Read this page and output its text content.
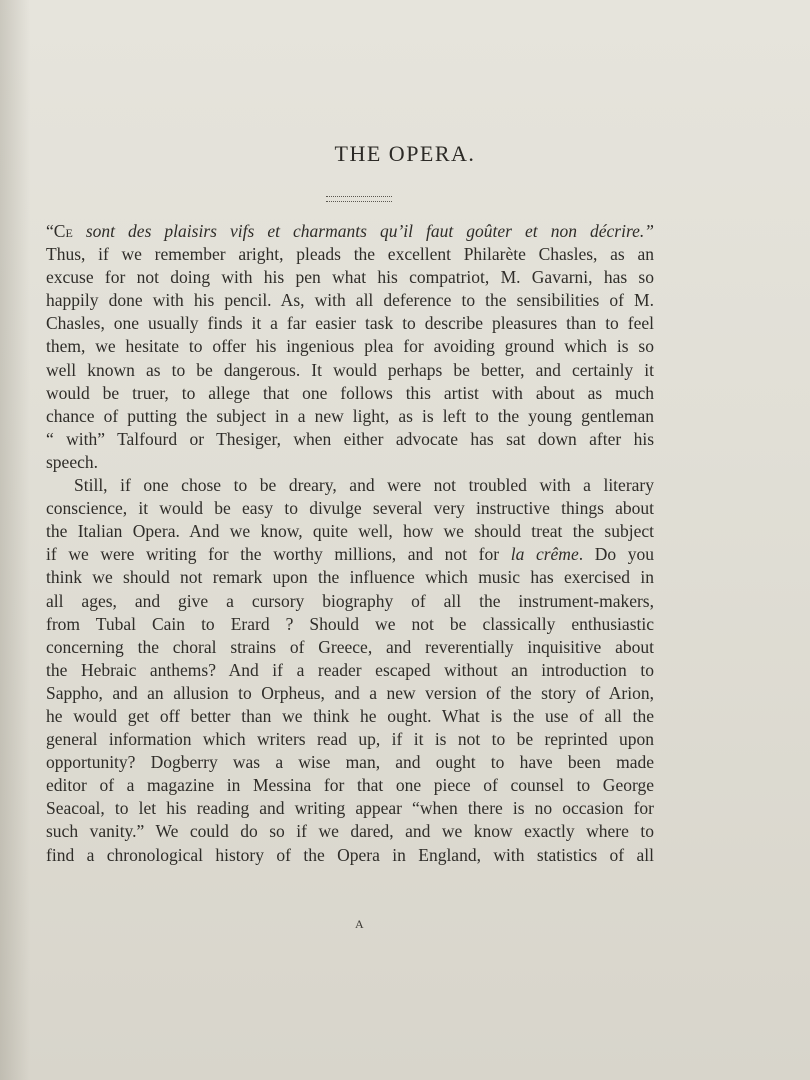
THE OPERA.
“Ce sont des plaisirs vifs et charmants qu’il faut goûter et non décrire.”
Thus, if we remember aright, pleads the excellent Philarète Chasles, as an
excuse for not doing with his pen what his compatriot, M. Gavarni, has so
happily done with his pencil. As, with all deference to the sensibilities of M.
Chasles, one usually finds it a far easier task to describe pleasures than to feel
them, we hesitate to offer his ingenious plea for avoiding ground which is so
well known as to be dangerous. It would perhaps be better, and certainly it
would be truer, to allege that one follows this artist with about as much
chance of putting the subject in a new light, as is left to the young gentleman
“ with” Talfourd or Thesiger, when either advocate has sat down after his
speech.
Still, if one chose to be dreary, and were not troubled with a literary
conscience, it would be easy to divulge several very instructive things about
the Italian Opera. And we know, quite well, how we should treat the subject
if we were writing for the worthy millions, and not for la crême. Do you
think we should not remark upon the influence which music has exercised in
all ages, and give a cursory biography of all the instrument-makers,
from Tubal Cain to Erard ? Should we not be classically enthusiastic
concerning the choral strains of Greece, and reverentially inquisitive about
the Hebraic anthems? And if a reader escaped without an introduction to
Sappho, and an allusion to Orpheus, and a new version of the story of Arion,
he would get off better than we think he ought. What is the use of all the
general information which writers read up, if it is not to be reprinted upon
opportunity? Dogberry was a wise man, and ought to have been made
editor of a magazine in Messina for that one piece of counsel to George
Seacoal, to let his reading and writing appear “when there is no occasion for
such vanity.” We could do so if we dared, and we know exactly where to
find a chronological history of the Opera in England, with statistics of all
A
